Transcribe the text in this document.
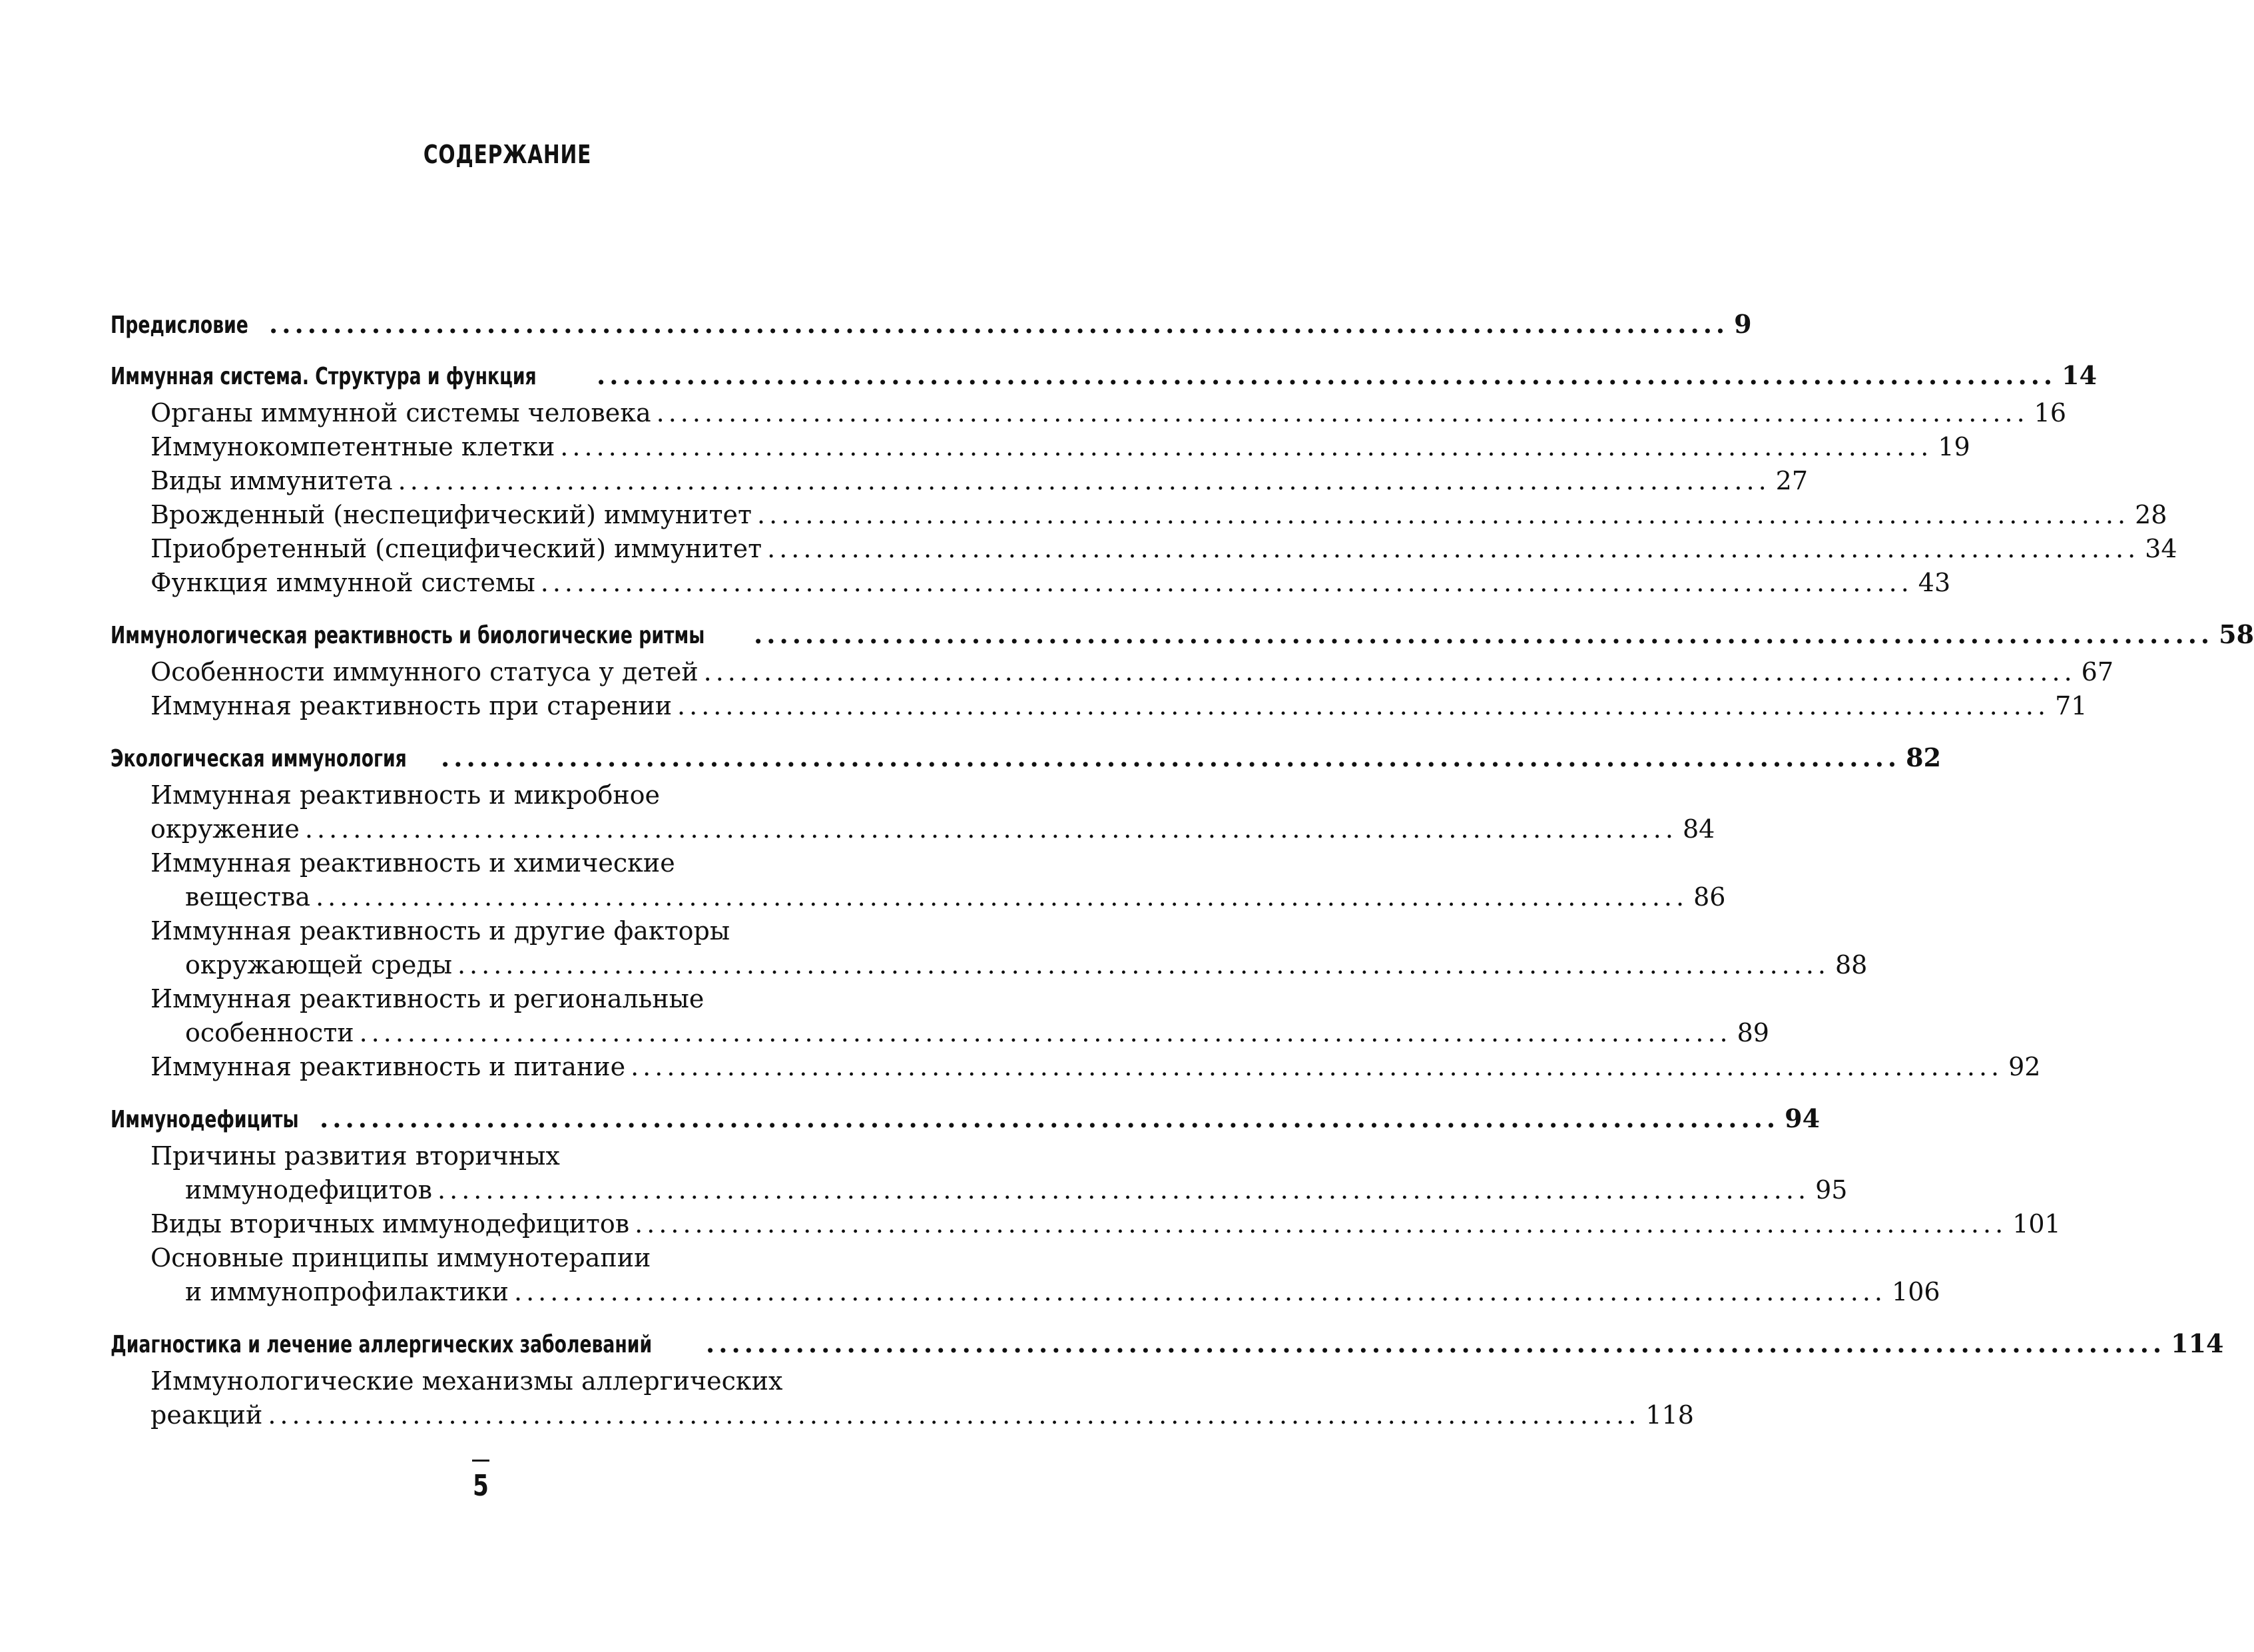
СОДЕРЖАНИЕ
Предисловие .................................................................................................................. 9
Иммунная система. Структура и функция .................................................................................................................. 14
Органы иммунной системы человека .................................................................................................................. 16
Иммунокомпетентные клетки .................................................................................................................. 19
Виды иммунитета .................................................................................................................. 27
Врожденный (неспецифический) иммунитет .................................................................................................................. 28
Приобретенный (специфический) иммунитет .................................................................................................................. 34
Функция иммунной системы .................................................................................................................. 43
Иммунологическая реактивность и биологические ритмы .................................................................................................................. 58
Особенности иммунного статуса у детей .................................................................................................................. 67
Иммунная реактивность при старении .................................................................................................................. 71
Экологическая иммунология .................................................................................................................. 82
Иммунная реактивность и микробное
окружение .................................................................................................................. 84
Иммунная реактивность и химические
вещества .................................................................................................................. 86
Иммунная реактивность и другие факторы
окружающей среды .................................................................................................................. 88
Иммунная реактивность и региональные
особенности .................................................................................................................. 89
Иммунная реактивность и питание .................................................................................................................. 92
Иммунодефициты .................................................................................................................. 94
Причины развития вторичных
иммунодефицитов .................................................................................................................. 95
Виды вторичных иммунодефицитов .................................................................................................................. 101
Основные принципы иммунотерапии
и иммунопрофилактики .................................................................................................................. 106
Диагностика и лечение аллергических заболеваний .................................................................................................................. 114
Иммунологические механизмы аллергических
реакций .................................................................................................................. 118
5
